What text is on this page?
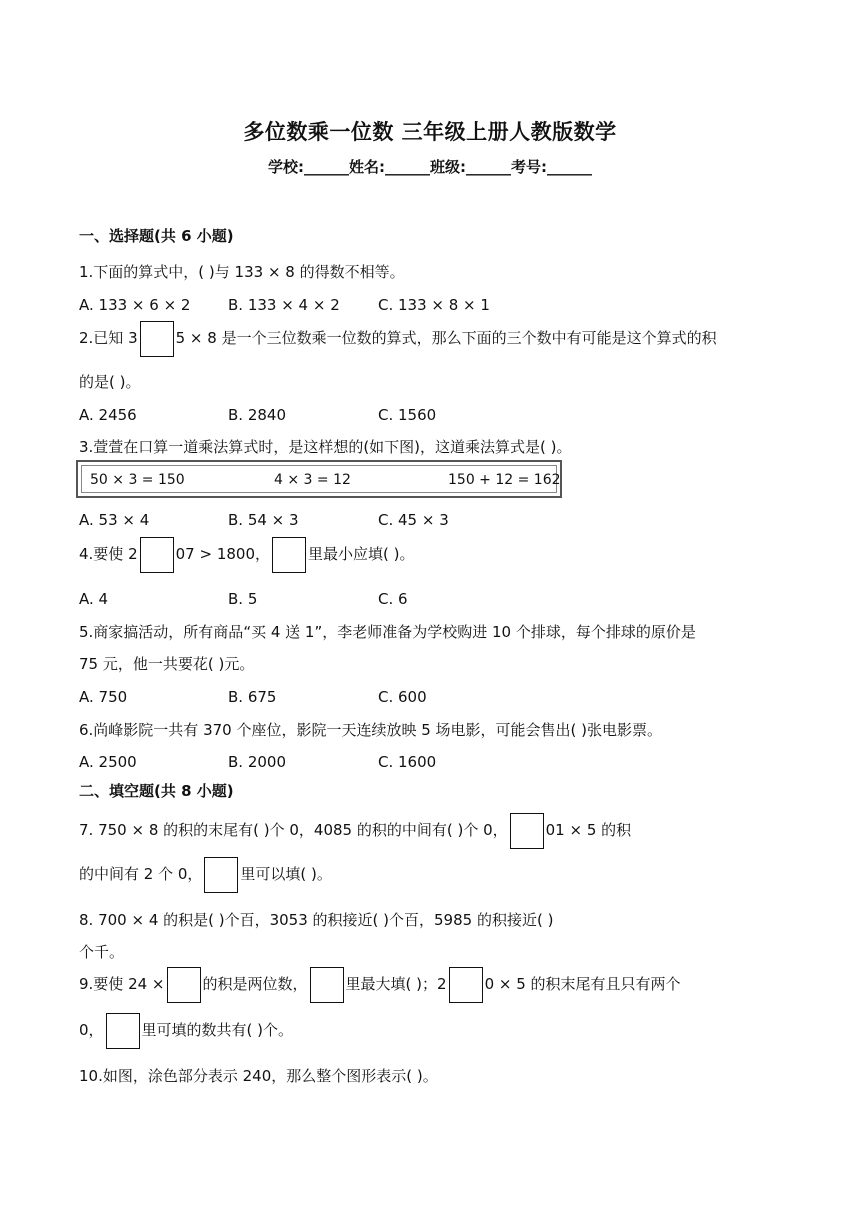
多位数乘一位数 三年级上册人教版数学
学校:______姓名:______班级:______考号:______
一、选择题(共 6 小题)
1.下面的算式中，( )与 133 × 8 的得数不相等。
A. 133 × 6 × 2	B. 133 × 4 × 2	C. 133 × 8 × 1
2.已知 3	5 × 8 是一个三位数乘一位数的算式，那么下面的三个数中有可能是这个算式的积
的是( )。
A. 2456	B. 2840	C. 1560
3.萱萱在口算一道乘法算式时，是这样想的(如下图)，这道乘法算式是( )。
50 × 3 = 150	4 × 3 = 12	150 + 12 = 162
A. 53 × 4	B. 54 × 3	C. 45 × 3
4.要使 2	07 > 1800，	里最小应填( )。
A. 4	B. 5	C. 6
5.商家搞活动，所有商品“买 4 送 1”，李老师准备为学校购进 10 个排球，每个排球的原价是
75 元，他一共要花( )元。
A. 750	B. 675	C. 600
6.尚峰影院一共有 370 个座位，影院一天连续放映 5 场电影，可能会售出( )张电影票。
A. 2500	B. 2000	C. 1600
二、填空题(共 8 小题)
7. 750 × 8 的积的末尾有( )个 0，4085 的积的中间有( )个 0，	01 × 5 的积
的中间有 2 个 0，	里可以填( )。
8. 700 × 4 的积是( )个百，3053 的积接近( )个百，5985 的积接近( )
个千。
9.要使 24 ×	的积是两位数，	里最大填( )；2	0 × 5 的积末尾有且只有两个
0，	里可填的数共有( )个。
10.如图，涂色部分表示 240，那么整个图形表示( )。
